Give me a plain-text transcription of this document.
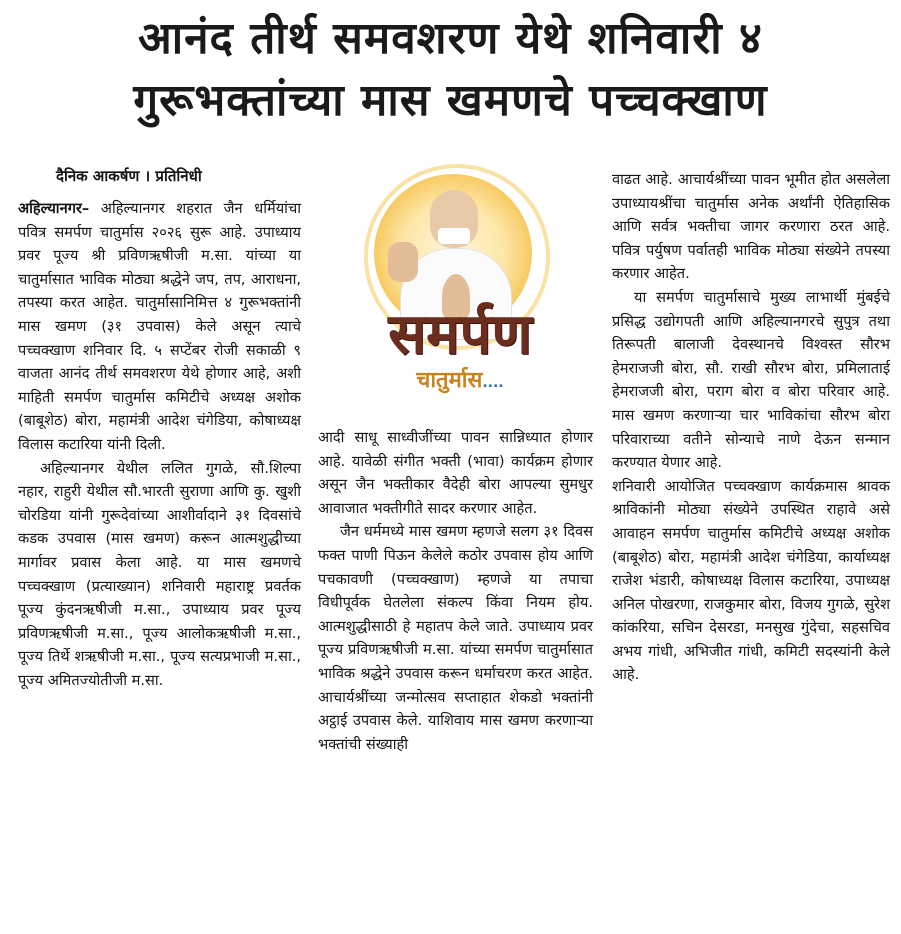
आनंद तीर्थ समवशरण येथे शनिवारी ४
गुरूभक्तांच्या मास खमणचे पच्चक्खाण
दैनिक आकर्षण । प्रतिनिधी

अहिल्यानगर– अहिल्यानगर शहरात जैन धर्मियांचा पवित्र समर्पण चातुर्मास २०२६ सुरू आहे. उपाध्याय प्रवर पूज्य श्री प्रविणऋषीजी म.सा. यांच्या या चातुर्मासात भाविक मोठ्या श्रद्धेने जप, तप, आराधना, तपस्या करत आहेत. चातुर्मासानिमित्त ४ गुरूभक्तांनी मास खमण (३१ उपवास) केले असून त्याचे पच्चक्खाण शनिवार दि. ५ सप्टेंबर रोजी सकाळी ९ वाजता आनंद तीर्थ समवशरण येथे होणार आहे, अशी माहिती समर्पण चातुर्मास कमिटीचे अध्यक्ष अशोक (बाबूशेठ) बोरा, महामंत्री आदेश चंगेडिया, कोषाध्यक्ष विलास कटारिया यांनी दिली.

अहिल्यानगर येथील ललित गुगळे, सौ.शिल्पा नहार, राहुरी येथील सौ.भारती सुराणा आणि कु. खुशी चोरडिया यांनी गुरूदेवांच्या आशीर्वादाने ३१ दिवसांचे कडक उपवास (मास खमण) करून आत्मशुद्धीच्या मार्गावर प्रवास केला आहे. या मास खमणचे पच्चक्खाण (प्रत्याख्यान) शनिवारी महाराष्ट्र प्रवर्तक पूज्य कुंदनऋषीजी म.सा., उपाध्याय प्रवर पूज्य प्रविणऋषीजी म.सा., पूज्य आलोकऋषीजी म.सा., पूज्य तिर्थे शऋषीजी म.सा., पूज्य सत्यप्रभाजी म.सा., पूज्य अमितज्योतीजी म.सा.

समर्पण
चातुर्मास....

आदी साधू साध्वीजींच्या पावन सान्निध्यात होणार आहे. यावेळी संगीत भक्ती (भावा) कार्यक्रम होणार असून जैन भक्तीकार वैदेही बोरा आपल्या सुमधुर आवाजात भक्तीगीते सादर करणार आहेत.

जैन धर्ममध्ये मास खमण म्हणजे सलग ३१ दिवस फक्त पाणी पिऊन केलेले कठोर उपवास होय आणि पचकावणी (पच्चक्खाण) म्हणजे या तपाचा विधीपूर्वक घेतलेला संकल्प किंवा नियम होय. आत्मशुद्धीसाठी हे महातप केले जाते. उपाध्याय प्रवर पूज्य प्रविणऋषीजी म.सा. यांच्या समर्पण चातुर्मासात भाविक श्रद्धेने उपवास करून धर्माचरण करत आहेत. आचार्यश्रींच्या जन्मोत्सव सप्ताहात शेकडो भक्तांनी अट्ठाई उपवास केले. याशिवाय मास खमण करणाऱ्या भक्तांची संख्याही

वाढत आहे. आचार्यश्रींच्या पावन भूमीत होत असलेला उपाध्यायश्रींचा चातुर्मास अनेक अर्थांनी ऐतिहासिक आणि सर्वत्र भक्तीचा जागर करणारा ठरत आहे. पवित्र पर्युषण पर्वातही भाविक मोठ्या संख्येने तपस्या करणार आहेत.

या समर्पण चातुर्मासाचे मुख्य लाभार्थी मुंबईचे प्रसिद्ध उद्योगपती आणि अहिल्यानगरचे सुपुत्र तथा तिरूपती बालाजी देवस्थानचे विश्वस्त सौरभ हेमराजजी बोरा, सौ. राखी सौरभ बोरा, प्रमिलाताई हेमराजजी बोरा, पराग बोरा व बोरा परिवार आहे. मास खमण करणाऱ्या चार भाविकांचा सौरभ बोरा परिवाराच्या वतीने सोन्याचे नाणे देऊन सन्मान करण्यात येणार आहे.

शनिवारी आयोजित पच्चक्खाण कार्यक्रमास श्रावक श्राविकांनी मोठ्या संख्येने उपस्थित राहावे असे आवाहन समर्पण चातुर्मास कमिटीचे अध्यक्ष अशोक (बाबूशेठ) बोरा, महामंत्री आदेश चंगेडिया, कार्याध्यक्ष राजेश भंडारी, कोषाध्यक्ष विलास कटारिया, उपाध्यक्ष अनिल पोखरणा, राजकुमार बोरा, विजय गुगळे, सुरेश कांकरिया, सचिन देसरडा, मनसुख गुंदेचा, सहसचिव अभय गांधी, अभिजीत गांधी, कमिटी सदस्यांनी केले आहे.
